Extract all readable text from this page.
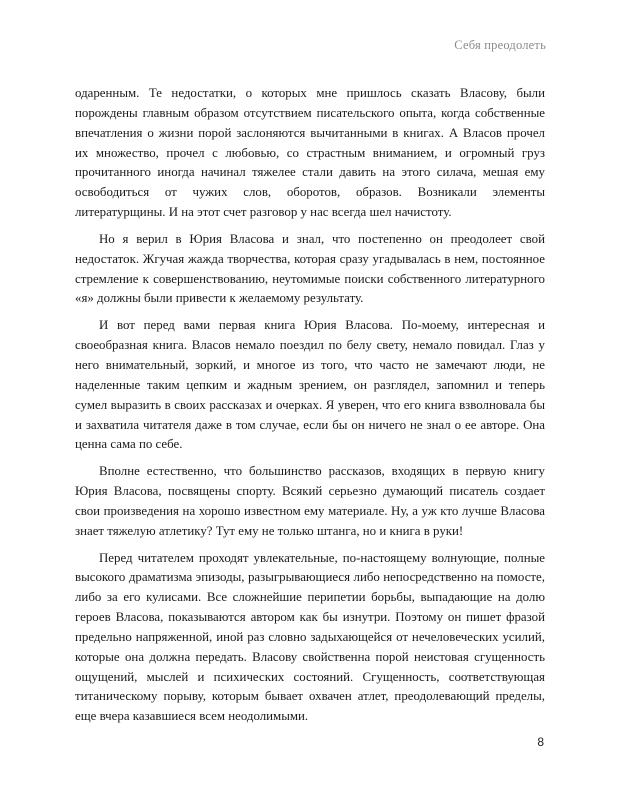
Себя преодолеть

одаренным. Те недостатки, о которых мне пришлось сказать Власову, были порождены главным образом отсутствием писательского опыта, когда собственные впечатления о жизни порой заслоняются вычитанными в книгах. А Власов прочел их множество, прочел с любовью, со страстным вниманием, и огромный груз прочитанного иногда начинал тяжелее стали давить на этого силача, мешая ему освободиться от чужих слов, оборотов, образов. Возникали элементы литературщины. И на этот счет разговор у нас всегда шел начистоту.

Но я верил в Юрия Власова и знал, что постепенно он преодолеет свой недостаток. Жгучая жажда творчества, которая сразу угадывалась в нем, постоянное стремление к совершенствованию, неутомимые поиски собственного литературного «я» должны были привести к желаемому результату.

И вот перед вами первая книга Юрия Власова. По-моему, интересная и своеобразная книга. Власов немало поездил по белу свету, немало повидал. Глаз у него внимательный, зоркий, и многое из того, что часто не замечают люди, не наделенные таким цепким и жадным зрением, он разглядел, запомнил и теперь сумел выразить в своих рассказах и очерках. Я уверен, что его книга взволновала бы и захватила читателя даже в том случае, если бы он ничего не знал о ее авторе. Она ценна сама по себе.

Вполне естественно, что большинство рассказов, входящих в первую книгу Юрия Власова, посвящены спорту. Всякий серьезно думающий писатель создает свои произведения на хорошо известном ему материале. Ну, а уж кто лучше Власова знает тяжелую атлетику? Тут ему не только штанга, но и книга в руки!

Перед читателем проходят увлекательные, по-настоящему волнующие, полные высокого драматизма эпизоды, разыгрывающиеся либо непосредственно на помосте, либо за его кулисами. Все сложнейшие перипетии борьбы, выпадающие на долю героев Власова, показываются автором как бы изнутри. Поэтому он пишет фразой предельно напряженной, иной раз словно задыхающейся от нечеловеческих усилий, которые она должна передать. Власову свойственна порой неистовая сгущенность ощущений, мыслей и психических состояний. Сгущенность, соответствующая титаническому порыву, которым бывает охвачен атлет, преодолевающий пределы, еще вчера казавшиеся всем неодолимыми.

8
